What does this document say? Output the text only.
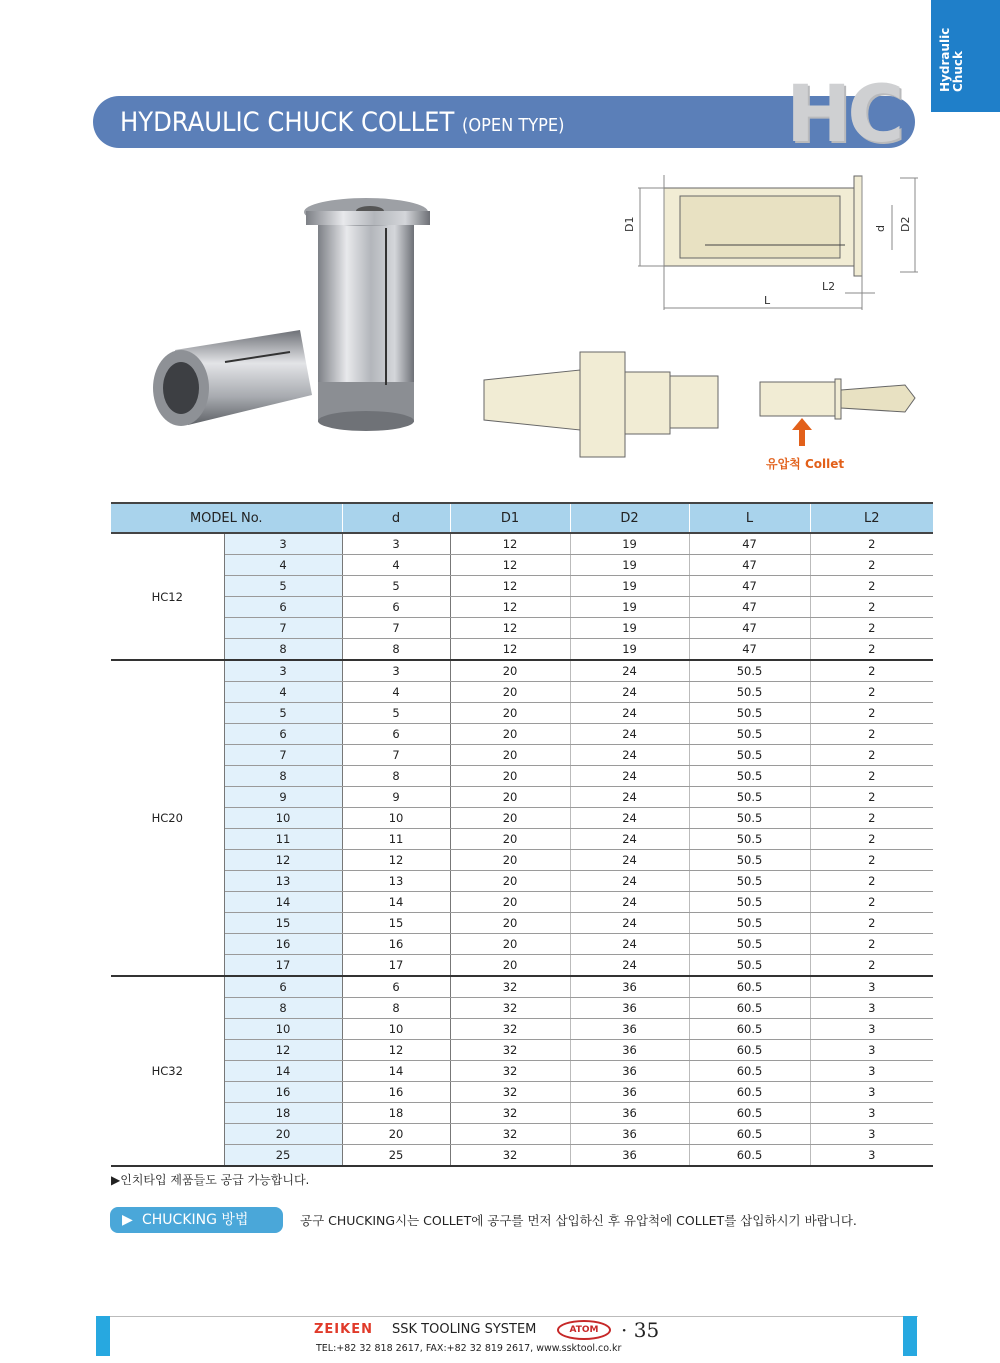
Hydraulic
Chuck
HYDRAULIC CHUCK COLLET (OPEN TYPE)	HC
D1	d D2
L2
L
유압척 Collet
MODEL No.		d	D1	D2	L	L2
HC12	3	3	12	19	47	2
	4	4	12	19	47	2
	5	5	12	19	47	2
	6	6	12	19	47	2
	7	7	12	19	47	2
	8	8	12	19	47	2
HC20	3	3	20	24	50.5	2
	4	4	20	24	50.5	2
	5	5	20	24	50.5	2
	6	6	20	24	50.5	2
	7	7	20	24	50.5	2
	8	8	20	24	50.5	2
	9	9	20	24	50.5	2
	10	10	20	24	50.5	2
	11	11	20	24	50.5	2
	12	12	20	24	50.5	2
	13	13	20	24	50.5	2
	14	14	20	24	50.5	2
	15	15	20	24	50.5	2
	16	16	20	24	50.5	2
	17	17	20	24	50.5	2
HC32	6	6	32	36	60.5	3
	8	8	32	36	60.5	3
	10	10	32	36	60.5	3
	12	12	32	36	60.5	3
	14	14	32	36	60.5	3
	16	16	32	36	60.5	3
	18	18	32	36	60.5	3
	20	20	32	36	60.5	3
	25	25	32	36	60.5	3
▶인치타입 제품들도 공급 가능합니다.
▶ CHUCKING 방법	공구 CHUCKING시는 COLLET에 공구를 먼저 삽입하신 후 유압척에 COLLET를 삽입하시기 바랍니다.
ZEIKEN SSK TOOLING SYSTEM	ATOM	· 35
TEL:+82 32 818 2617, FAX:+82 32 819 2617, www.ssktool.co.kr
